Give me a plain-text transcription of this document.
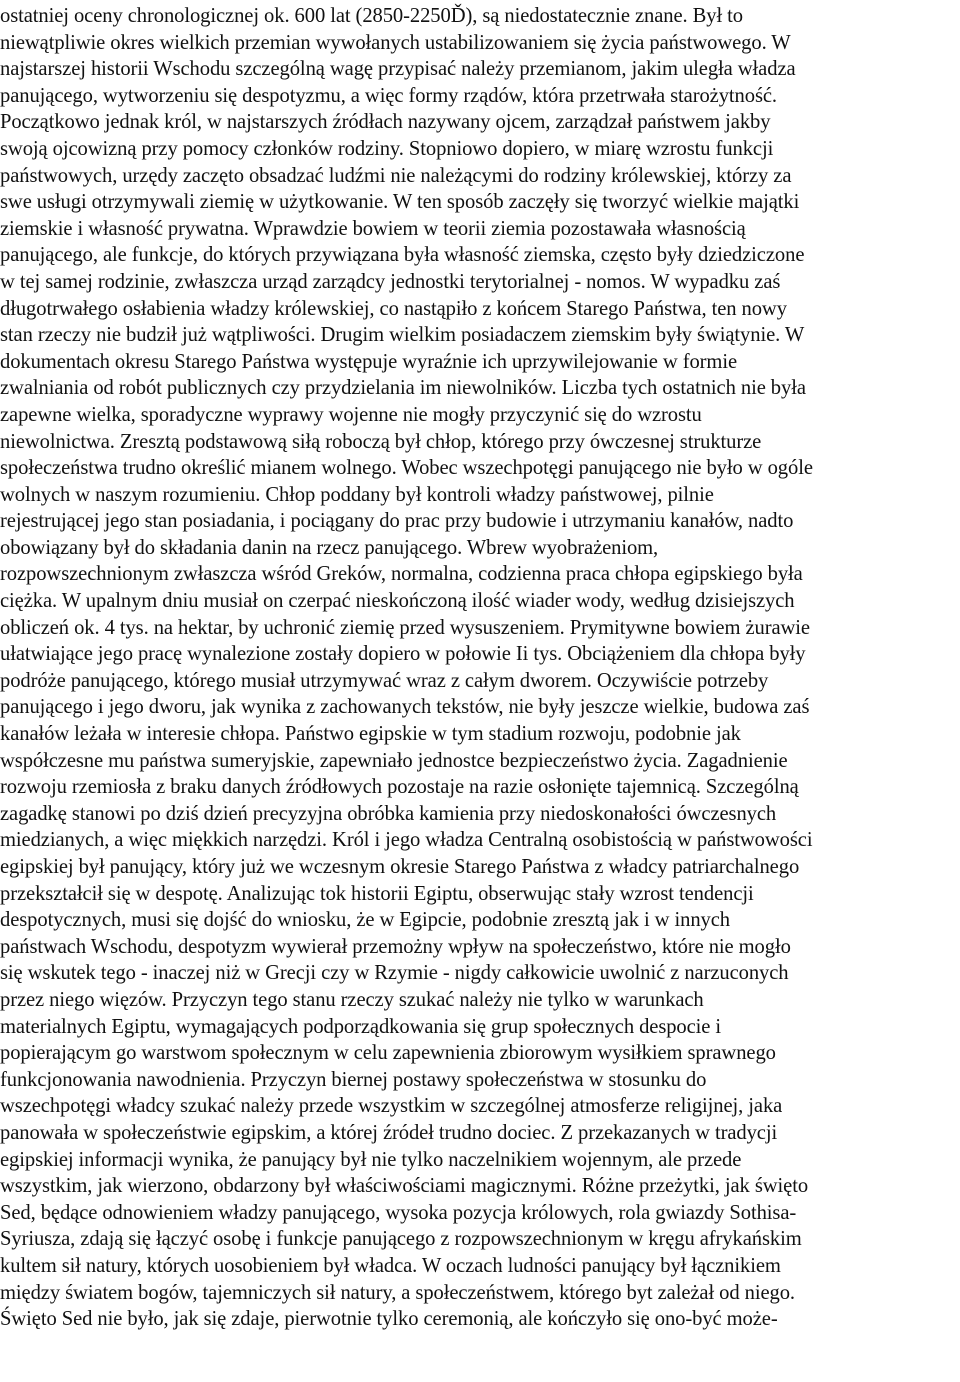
ostatniej oceny chronologicznej ok. 600 lat (2850-2250Ď), są niedostatecznie znane. Był to
niewątpliwie okres wielkich przemian wywołanych ustabilizowaniem się życia państwowego. W
najstarszej historii Wschodu szczególną wagę przypisać należy przemianom, jakim uległa władza
panującego, wytworzeniu się despotyzmu, a więc formy rządów, która przetrwała starożytność.
Początkowo jednak król, w najstarszych źródłach nazywany ojcem, zarządzał państwem jakby
swoją ojcowizną przy pomocy członków rodziny. Stopniowo dopiero, w miarę wzrostu funkcji
państwowych, urzędy zaczęto obsadzać ludźmi nie należącymi do rodziny królewskiej, którzy za
swe usługi otrzymywali ziemię w użytkowanie. W ten sposób zaczęły się tworzyć wielkie majątki
ziemskie i własność prywatna. Wprawdzie bowiem w teorii ziemia pozostawała własnością
panującego, ale funkcje, do których przywiązana była własność ziemska, często były dziedziczone
w tej samej rodzinie, zwłaszcza urząd zarządcy jednostki terytorialnej - nomos. W wypadku zaś
długotrwałego osłabienia władzy królewskiej, co nastąpiło z końcem Starego Państwa, ten nowy
stan rzeczy nie budził już wątpliwości. Drugim wielkim posiadaczem ziemskim były świątynie. W
dokumentach okresu Starego Państwa występuje wyraźnie ich uprzywilejowanie w formie
zwalniania od robót publicznych czy przydzielania im niewolników. Liczba tych ostatnich nie była
zapewne wielka, sporadyczne wyprawy wojenne nie mogły przyczynić się do wzrostu
niewolnictwa. Zresztą podstawową siłą roboczą był chłop, którego przy ówczesnej strukturze
społeczeństwa trudno określić mianem wolnego. Wobec wszechpotęgi panującego nie było w ogóle
wolnych w naszym rozumieniu. Chłop poddany był kontroli władzy państwowej, pilnie
rejestrującej jego stan posiadania, i pociągany do prac przy budowie i utrzymaniu kanałów, nadto
obowiązany był do składania danin na rzecz panującego. Wbrew wyobrażeniom,
rozpowszechnionym zwłaszcza wśród Greków, normalna, codzienna praca chłopa egipskiego była
ciężka. W upalnym dniu musiał on czerpać nieskończoną ilość wiader wody, według dzisiejszych
obliczeń ok. 4 tys. na hektar, by uchronić ziemię przed wysuszeniem. Prymitywne bowiem żurawie
ułatwiające jego pracę wynalezione zostały dopiero w połowie Ii tys. Obciążeniem dla chłopa były
podróże panującego, którego musiał utrzymywać wraz z całym dworem. Oczywiście potrzeby
panującego i jego dworu, jak wynika z zachowanych tekstów, nie były jeszcze wielkie, budowa zaś
kanałów leżała w interesie chłopa. Państwo egipskie w tym stadium rozwoju, podobnie jak
współczesne mu państwa sumeryjskie, zapewniało jednostce bezpieczeństwo życia. Zagadnienie
rozwoju rzemiosła z braku danych źródłowych pozostaje na razie osłonięte tajemnicą. Szczególną
zagadkę stanowi po dziś dzień precyzyjna obróbka kamienia przy niedoskonałości ówczesnych
miedzianych, a więc miękkich narzędzi. Król i jego władza Centralną osobistością w państwowości
egipskiej był panujący, który już we wczesnym okresie Starego Państwa z władcy patriarchalnego
przekształcił się w despotę. Analizując tok historii Egiptu, obserwując stały wzrost tendencji
despotycznych, musi się dojść do wniosku, że w Egipcie, podobnie zresztą jak i w innych
państwach Wschodu, despotyzm wywierał przemożny wpływ na społeczeństwo, które nie mogło
się wskutek tego - inaczej niż w Grecji czy w Rzymie - nigdy całkowicie uwolnić z narzuconych
przez niego więzów. Przyczyn tego stanu rzeczy szukać należy nie tylko w warunkach
materialnych Egiptu, wymagających podporządkowania się grup społecznych despocie i
popierającym go warstwom społecznym w celu zapewnienia zbiorowym wysiłkiem sprawnego
funkcjonowania nawodnienia. Przyczyn biernej postawy społeczeństwa w stosunku do
wszechpotęgi władcy szukać należy przede wszystkim w szczególnej atmosferze religijnej, jaka
panowała w społeczeństwie egipskim, a której źródeł trudno dociec. Z przekazanych w tradycji
egipskiej informacji wynika, że panujący był nie tylko naczelnikiem wojennym, ale przede
wszystkim, jak wierzono, obdarzony był właściwościami magicznymi. Różne przeżytki, jak święto
Sed, będące odnowieniem władzy panującego, wysoka pozycja królowych, rola gwiazdy Sothisa-
Syriusza, zdają się łączyć osobę i funkcje panującego z rozpowszechnionym w kręgu afrykańskim
kultem sił natury, których uosobieniem był władca. W oczach ludności panujący był łącznikiem
między światem bogów, tajemniczych sił natury, a społeczeństwem, którego byt zależał od niego.
Święto Sed nie było, jak się zdaje, pierwotnie tylko ceremonią, ale kończyło się ono-być może-
